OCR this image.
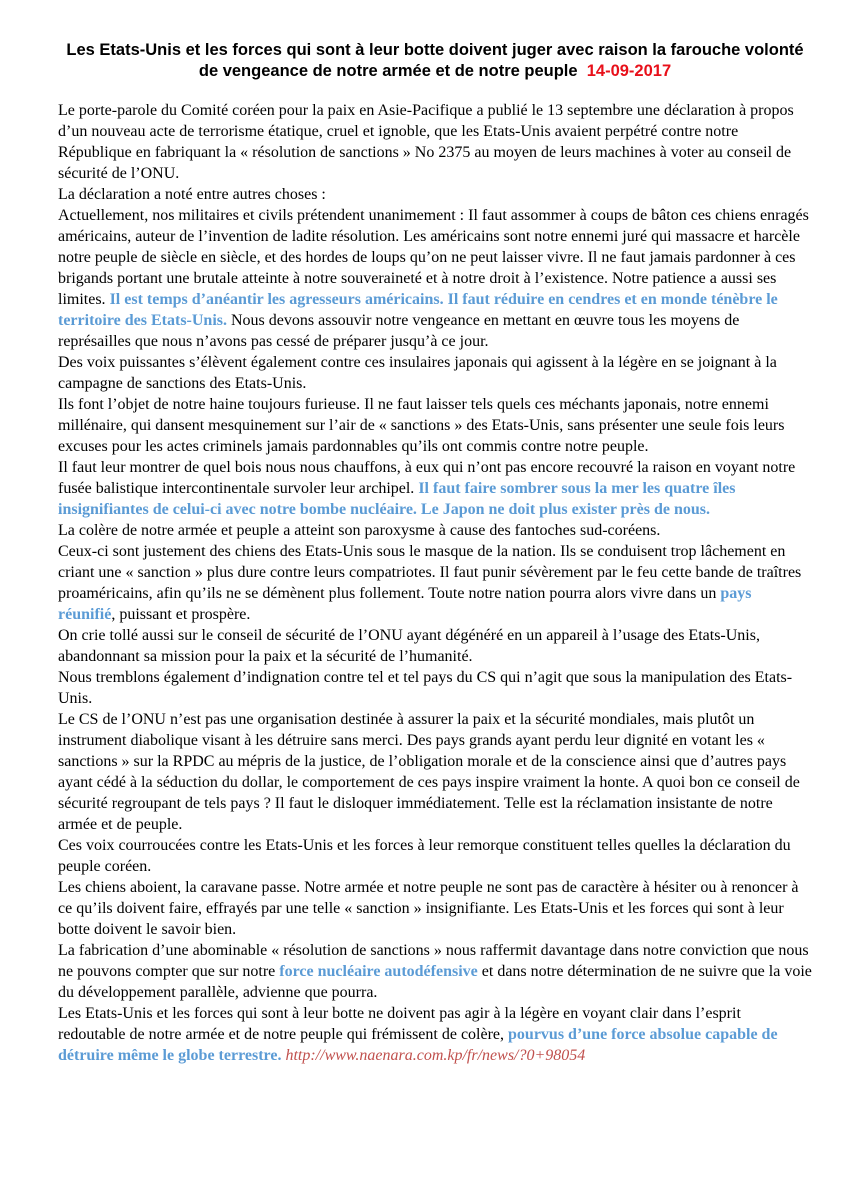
Les Etats-Unis et les forces qui sont à leur botte doivent juger avec raison la farouche volonté de vengeance de notre armée et de notre peuple 14-09-2017

Le porte-parole du Comité coréen pour la paix en Asie-Pacifique a publié le 13 septembre une déclaration à propos d’un nouveau acte de terrorisme étatique, cruel et ignoble, que les Etats-Unis avaient perpétré contre notre République en fabriquant la « résolution de sanctions » No 2375 au moyen de leurs machines à voter au conseil de sécurité de l’ONU.

La déclaration a noté entre autres choses :

Actuellement, nos militaires et civils prétendent unanimement : Il faut assommer à coups de bâton ces chiens enragés américains, auteur de l’invention de ladite résolution. Les américains sont notre ennemi juré qui massacre et harcèle notre peuple de siècle en siècle, et des hordes de loups qu’on ne peut laisser vivre. Il ne faut jamais pardonner à ces brigands portant une brutale atteinte à notre souveraineté et à notre droit à l’existence. Notre patience a aussi ses limites. Il est temps d’anéantir les agresseurs américains. Il faut réduire en cendres et en monde ténèbre le territoire des Etats-Unis. Nous devons assouvir notre vengeance en mettant en œuvre tous les moyens de représailles que nous n’avons pas cessé de préparer jusqu’à ce jour.

Des voix puissantes s’élèvent également contre ces insulaires japonais qui agissent à la légère en se joignant à la campagne de sanctions des Etats-Unis.

Ils font l’objet de notre haine toujours furieuse. Il ne faut laisser tels quels ces méchants japonais, notre ennemi millénaire, qui dansent mesquinement sur l’air de « sanctions » des Etats-Unis, sans présenter une seule fois leurs excuses pour les actes criminels jamais pardonnables qu’ils ont commis contre notre peuple.

Il faut leur montrer de quel bois nous nous chauffons, à eux qui n’ont pas encore recouvré la raison en voyant notre fusée balistique intercontinentale survoler leur archipel. Il faut faire sombrer sous la mer les quatre îles insignifiantes de celui-ci avec notre bombe nucléaire. Le Japon ne doit plus exister près de nous.

La colère de notre armée et peuple a atteint son paroxysme à cause des fantoches sud-coréens.

Ceux-ci sont justement des chiens des Etats-Unis sous le masque de la nation. Ils se conduisent trop lâchement en criant une « sanction » plus dure contre leurs compatriotes. Il faut punir sévèrement par le feu cette bande de traîtres proaméricains, afin qu’ils ne se démènent plus follement. Toute notre nation pourra alors vivre dans un pays réunifié, puissant et prospère.

On crie tollé aussi sur le conseil de sécurité de l’ONU ayant dégénéré en un appareil à l’usage des Etats-Unis, abandonnant sa mission pour la paix et la sécurité de l’humanité.

Nous tremblons également d’indignation contre tel et tel pays du CS qui n’agit que sous la manipulation des Etats-Unis.

Le CS de l’ONU n’est pas une organisation destinée à assurer la paix et la sécurité mondiales, mais plutôt un instrument diabolique visant à les détruire sans merci. Des pays grands ayant perdu leur dignité en votant les « sanctions » sur la RPDC au mépris de la justice, de l’obligation morale et de la conscience ainsi que d’autres pays ayant cédé à la séduction du dollar, le comportement de ces pays inspire vraiment la honte. A quoi bon ce conseil de sécurité regroupant de tels pays ? Il faut le disloquer immédiatement. Telle est la réclamation insistante de notre armée et de peuple.

Ces voix courroucées contre les Etats-Unis et les forces à leur remorque constituent telles quelles la déclaration du peuple coréen.

Les chiens aboient, la caravane passe. Notre armée et notre peuple ne sont pas de caractère à hésiter ou à renoncer à ce qu’ils doivent faire, effrayés par une telle « sanction » insignifiante. Les Etats-Unis et les forces qui sont à leur botte doivent le savoir bien.

La fabrication d’une abominable « résolution de sanctions » nous raffermit davantage dans notre conviction que nous ne pouvons compter que sur notre force nucléaire autodéfensive et dans notre détermination de ne suivre que la voie du développement parallèle, advienne que pourra.

Les Etats-Unis et les forces qui sont à leur botte ne doivent pas agir à la légère en voyant clair dans l’esprit redoutable de notre armée et de notre peuple qui frémissent de colère, pourvus d’une force absolue capable de détruire même le globe terrestre. http://www.naenara.com.kp/fr/news/?0+98054
